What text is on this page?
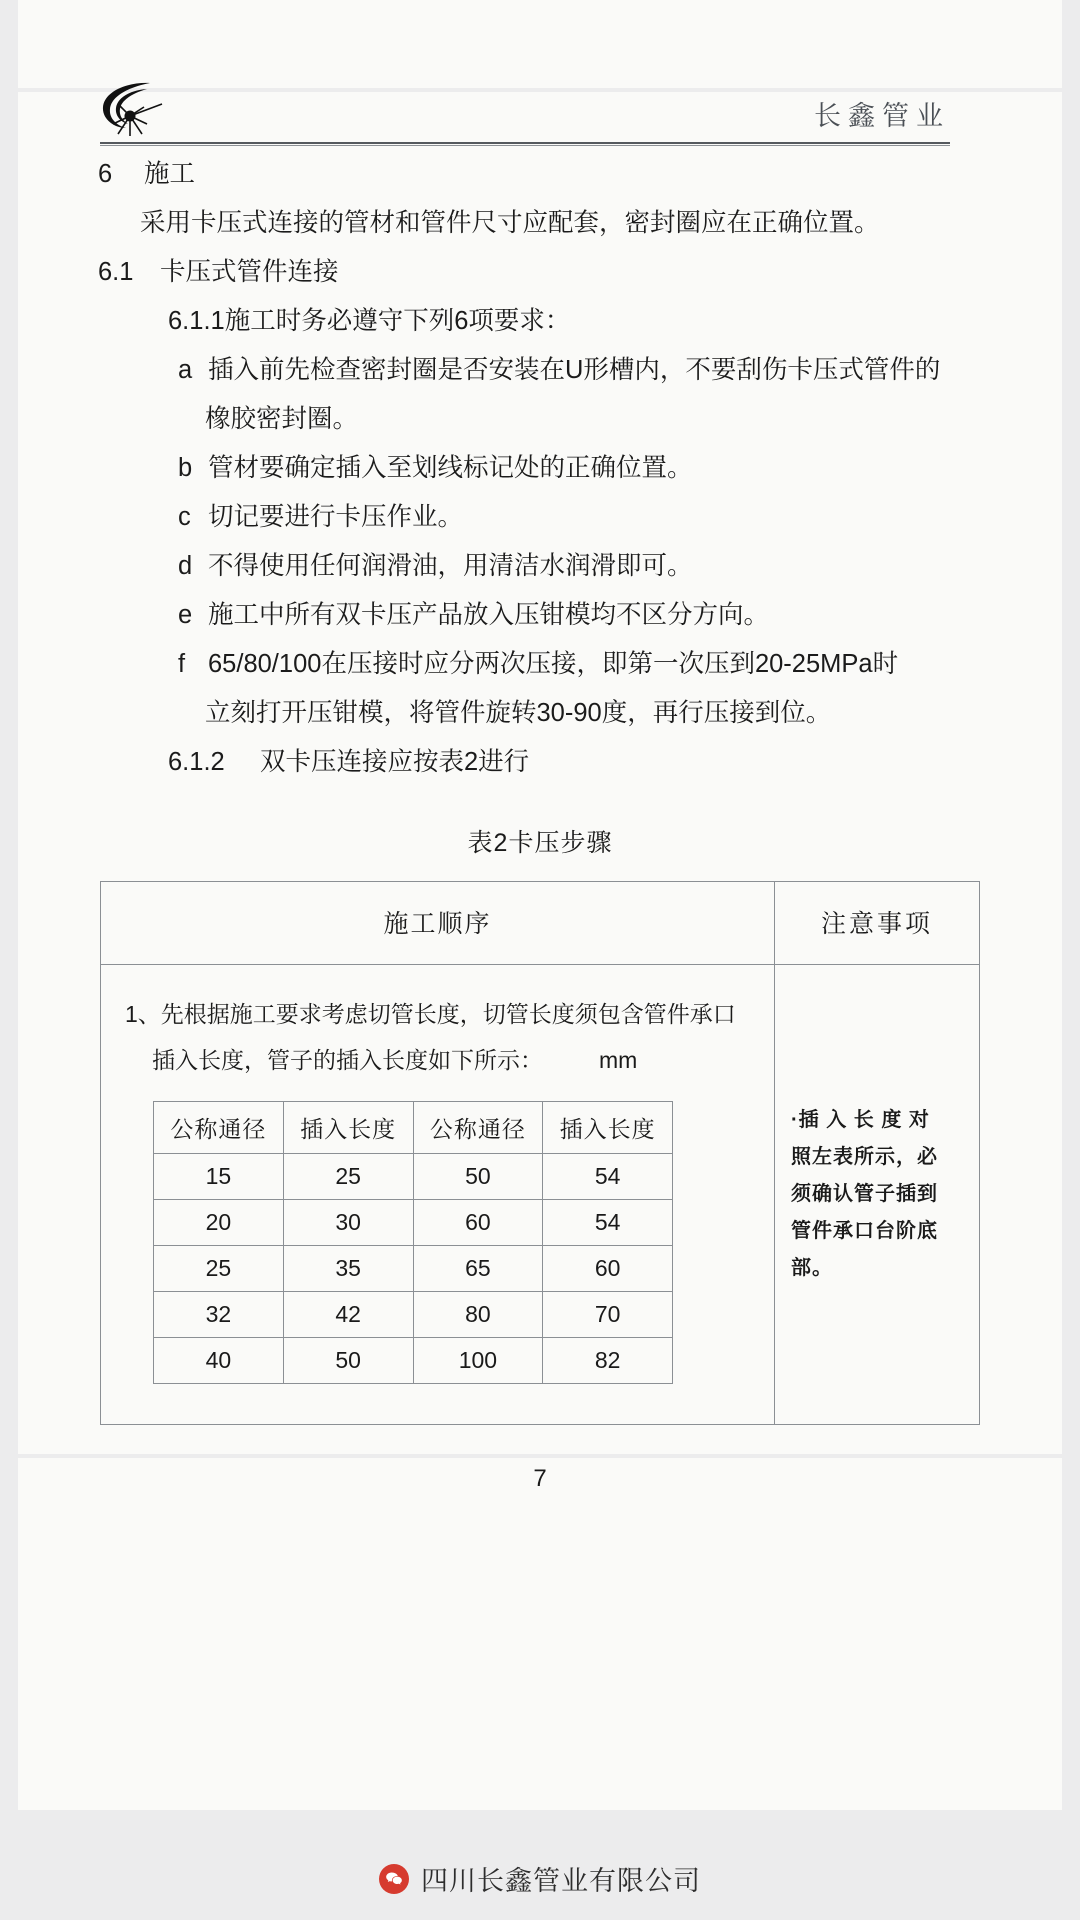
长鑫管业
6 施工
采用卡压式连接的管材和管件尺寸应配套，密封圈应在正确位置。
6.1 卡压式管件连接
6.1.1施工时务必遵守下列6项要求：
a 插入前先检查密封圈是否安装在U形槽内，不要刮伤卡压式管件的
橡胶密封圈。
b 管材要确定插入至划线标记处的正确位置。
c 切记要进行卡压作业。
d 不得使用任何润滑油，用清洁水润滑即可。
e 施工中所有双卡压产品放入压钳模均不区分方向。
f 65/80/100在压接时应分两次压接，即第一次压到20-25MPa时
立刻打开压钳模，将管件旋转30-90度，再行压接到位。
6.1.2 双卡压连接应按表2进行
表2卡压步骤
施工顺序	注意事项

1、先根据施工要求考虑切管长度，切管长度须包含管件承口
插入长度，管子的插入长度如下所示： mm
公称通径	插入长度	公称通径	插入长度
15	25	50	54
20	30	60	54
25	35	65	60
32	42	80	70
40	50	100	82

·插 入 长 度 对
照左表所示，必
须确认管子插到
管件承口台阶底
部。
7
四川长鑫管业有限公司
